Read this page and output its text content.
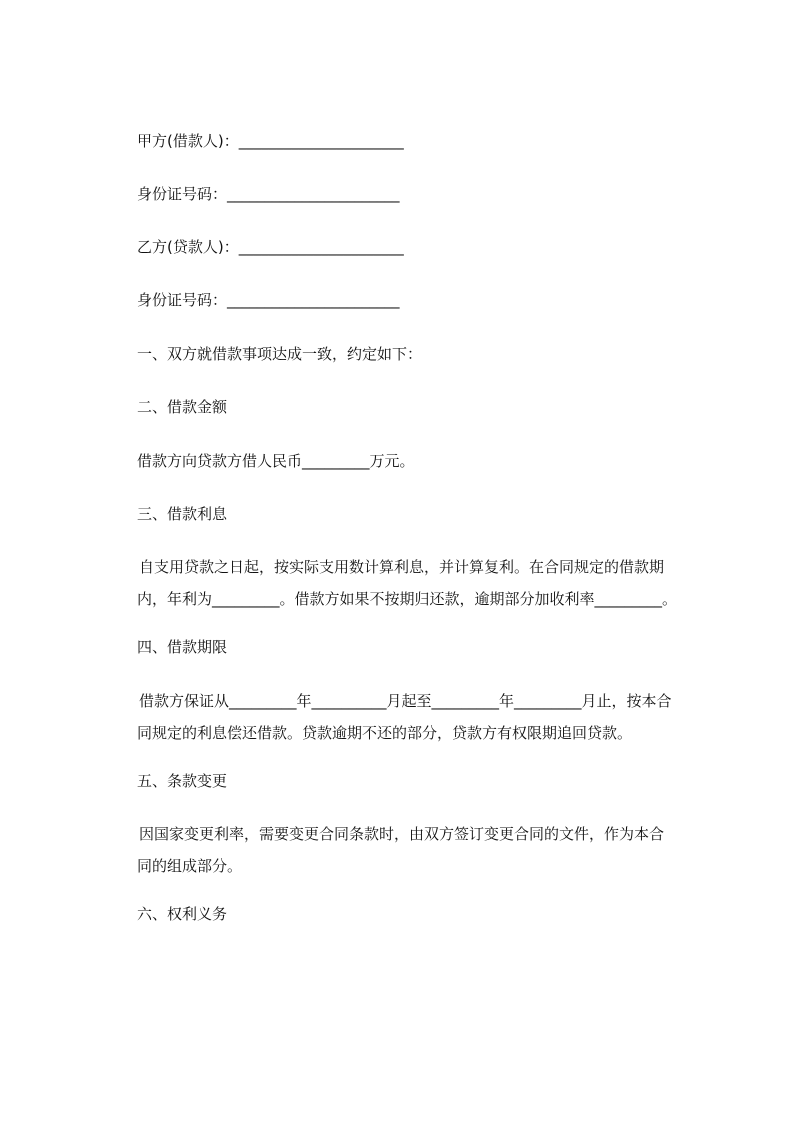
甲方(借款人)：______________________

身份证号码：_______________________

乙方(贷款人)：______________________

身份证号码：_______________________

一、双方就借款事项达成一致，约定如下：

二、借款金额

借款方向贷款方借人民币_________万元。

三、借款利息

自支用贷款之日起，按实际支用数计算利息，并计算复利。在合同规定的借款期
内，年利为_________。借款方如果不按期归还款，逾期部分加收利率_________。

四、借款期限

借款方保证从_________年__________月起至_________年_________月止，按本合
同规定的利息偿还借款。贷款逾期不还的部分，贷款方有权限期追回贷款。

五、条款变更

因国家变更利率，需要变更合同条款时，由双方签订变更合同的文件，作为本合
同的组成部分。

六、权利义务
